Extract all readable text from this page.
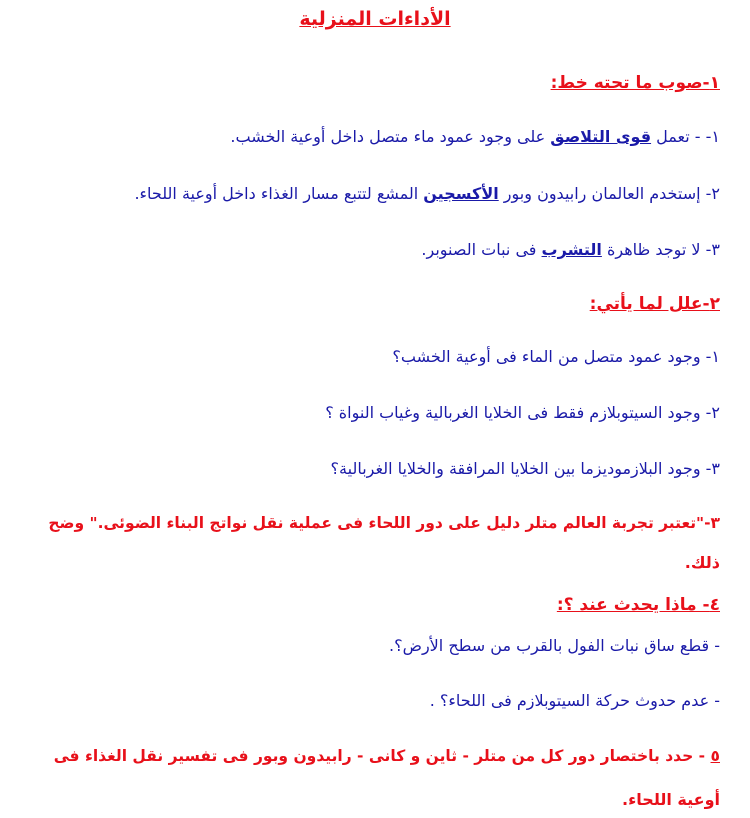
الأداءات المنزلية
١-صوب ما تحته خط:
١- - تعمل قوى التلاصق على وجود عمود ماء متصل داخل أوعية الخشب.
٢- إستخدم العالمان رابيدون وبور الأكسجين المشع لتتبع مسار الغذاء داخل أوعية اللحاء.
٣- لا توجد ظاهرة التشرب فى نبات الصنوبر.
٢-علل لما يأتي:
١- وجود عمود متصل من الماء فى أوعية الخشب؟
٢- وجود السيتوبلازم فقط فى الخلايا الغربالية وغياب النواة ؟
٣- وجود البلازموديزما بين الخلايا المرافقة والخلايا الغربالية؟
٣-"تعتبر تجربة العالم متلر دليل على دور اللحاء فى عملية نقل نواتج البناء الضوئى." وضح
ذلك.
٤- ماذا يحدث عند ؟:
- قطع ساق نبات الفول بالقرب من سطح الأرض؟.
- عدم حدوث حركة السيتوبلازم فى اللحاء؟ .
٥ - حدد باختصار دور كل من متلر - ثاين و كانى - رابيدون وبور فى تفسير نقل الغذاء فى
أوعية اللحاء.
